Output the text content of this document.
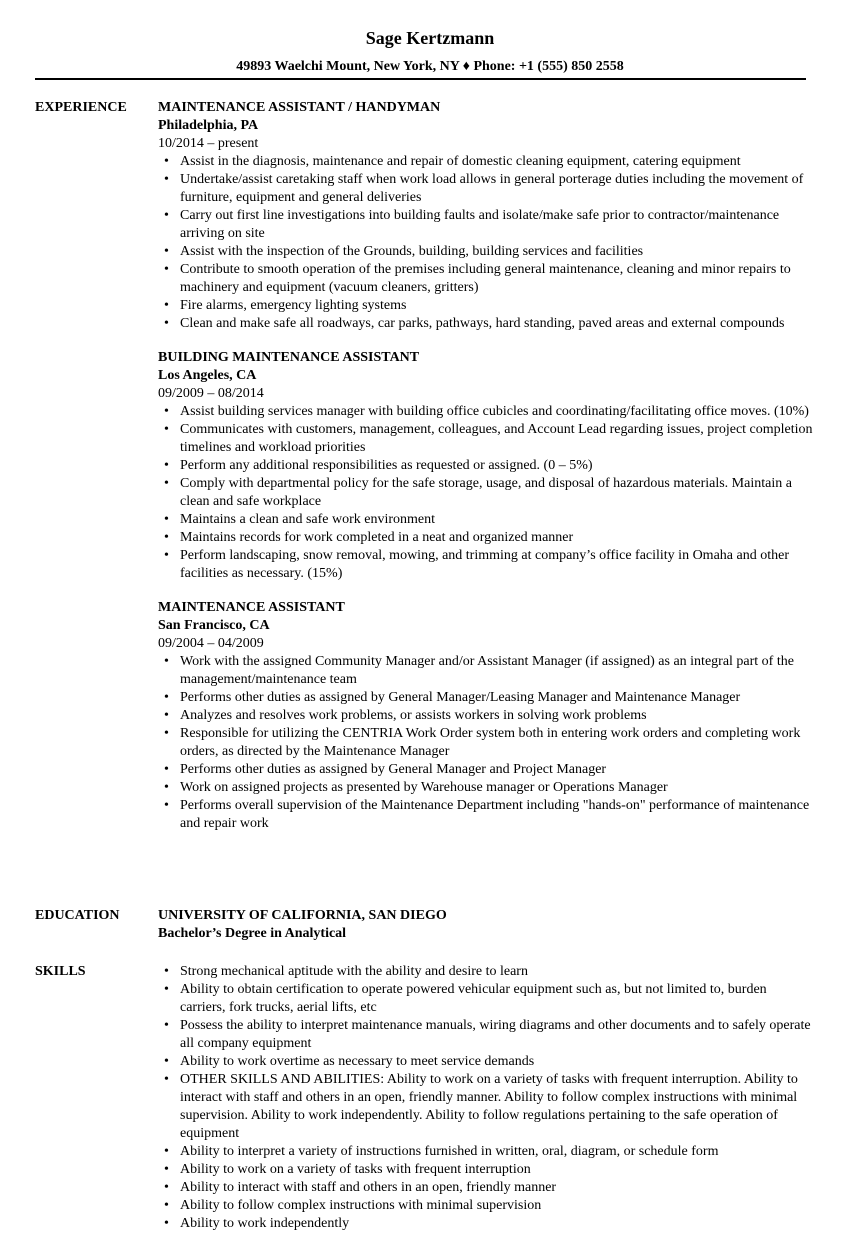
Sage Kertzmann
49893 Waelchi Mount, New York, NY ♦ Phone: +1 (555) 850 2558
EXPERIENCE MAINTENANCE ASSISTANT / HANDYMAN
Philadelphia, PA
10/2014 – present
• Assist in the diagnosis, maintenance and repair of domestic cleaning equipment, catering equipment
• Undertake/assist caretaking staff when work load allows in general porterage duties including the movement of furniture, equipment and general deliveries
• Carry out first line investigations into building faults and isolate/make safe prior to contractor/maintenance arriving on site
• Assist with the inspection of the Grounds, building, building services and facilities
• Contribute to smooth operation of the premises including general maintenance, cleaning and minor repairs to machinery and equipment (vacuum cleaners, gritters)
• Fire alarms, emergency lighting systems
• Clean and make safe all roadways, car parks, pathways, hard standing, paved areas and external compounds
BUILDING MAINTENANCE ASSISTANT
Los Angeles, CA
09/2009 – 08/2014
• Assist building services manager with building office cubicles and coordinating/facilitating office moves. (10%)
• Communicates with customers, management, colleagues, and Account Lead regarding issues, project completion timelines and workload priorities
• Perform any additional responsibilities as requested or assigned. (0 – 5%)
• Comply with departmental policy for the safe storage, usage, and disposal of hazardous materials. Maintain a clean and safe workplace
• Maintains a clean and safe work environment
• Maintains records for work completed in a neat and organized manner
• Perform landscaping, snow removal, mowing, and trimming at company’s office facility in Omaha and other facilities as necessary. (15%)
MAINTENANCE ASSISTANT
San Francisco, CA
09/2004 – 04/2009
• Work with the assigned Community Manager and/or Assistant Manager (if assigned) as an integral part of the management/maintenance team
• Performs other duties as assigned by General Manager/Leasing Manager and Maintenance Manager
• Analyzes and resolves work problems, or assists workers in solving work problems
• Responsible for utilizing the CENTRIA Work Order system both in entering work orders and completing work orders, as directed by the Maintenance Manager
• Performs other duties as assigned by General Manager and Project Manager
• Work on assigned projects as presented by Warehouse manager or Operations Manager
• Performs overall supervision of the Maintenance Department including "hands-on" performance of maintenance and repair work
EDUCATION	UNIVERSITY OF CALIFORNIA, SAN DIEGO
Bachelor’s Degree in Analytical
SKILLS
•	Strong mechanical aptitude with the ability and desire to learn
• Ability to obtain certification to operate powered vehicular equipment such as, but not limited to, burden carriers, fork trucks, aerial lifts, etc
• Possess the ability to interpret maintenance manuals, wiring diagrams and other documents and to safely operate all company equipment
• Ability to work overtime as necessary to meet service demands
• OTHER SKILLS AND ABILITIES: Ability to work on a variety of tasks with frequent interruption. Ability to interact with staff and others in an open, friendly manner. Ability to follow complex instructions with minimal supervision. Ability to work independently. Ability to follow regulations pertaining to the safe operation of equipment
• Ability to interpret a variety of instructions furnished in written, oral, diagram, or schedule form
• Ability to work on a variety of tasks with frequent interruption
• Ability to interact with staff and others in an open, friendly manner
• Ability to follow complex instructions with minimal supervision
• Ability to work independently
